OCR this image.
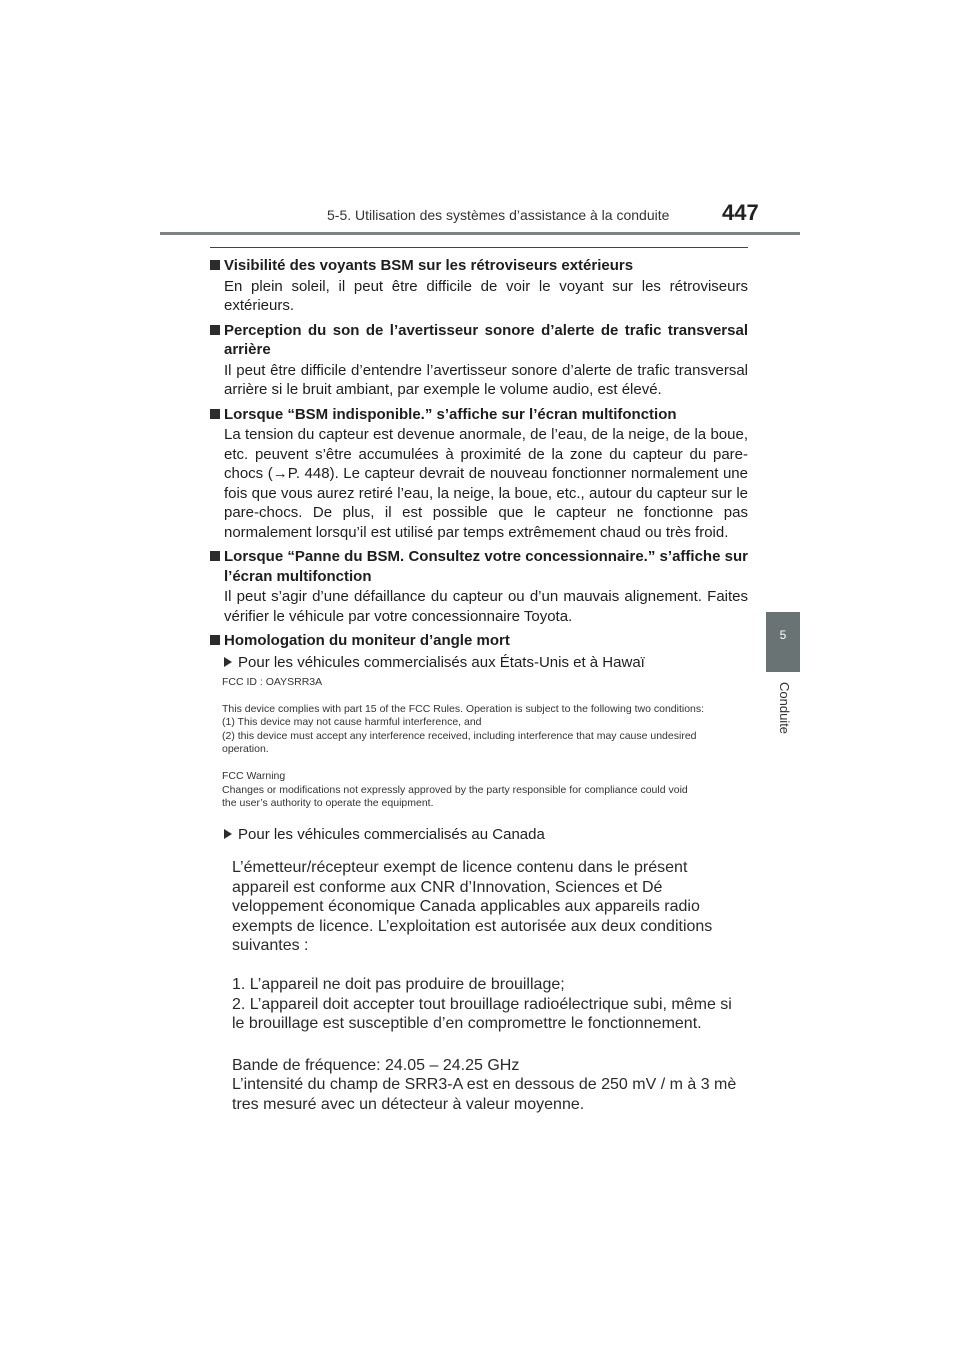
5-5. Utilisation des systèmes d’assistance à la conduite 447
5
Conduite
Visibilité des voyants BSM sur les rétroviseurs extérieurs
En plein soleil, il peut être difficile de voir le voyant sur les rétroviseurs extérieurs.
Perception du son de l’avertisseur sonore d’alerte de trafic transversal arrière
Il peut être difficile d’entendre l’avertisseur sonore d’alerte de trafic transversal arrière si le bruit ambiant, par exemple le volume audio, est élevé.
Lorsque “BSM indisponible.” s’affiche sur l’écran multifonction
La tension du capteur est devenue anormale, de l’eau, de la neige, de la boue, etc. peuvent s’être accumulées à proximité de la zone du capteur du pare-chocs (→P. 448). Le capteur devrait de nouveau fonctionner normalement une fois que vous aurez retiré l’eau, la neige, la boue, etc., autour du capteur sur le pare-chocs. De plus, il est possible que le capteur ne fonctionne pas normalement lorsqu’il est utilisé par temps extrêmement chaud ou très froid.
Lorsque “Panne du BSM. Consultez votre concessionnaire.” s’affiche sur l’écran multifonction
Il peut s’agir d’une défaillance du capteur ou d’un mauvais alignement. Faites vérifier le véhicule par votre concessionnaire Toyota.
Homologation du moniteur d’angle mort
Pour les véhicules commercialisés aux États-Unis et à Hawaï
FCC ID : OAYSRR3A
This device complies with part 15 of the FCC Rules. Operation is subject to the following two conditions:
(1) This device may not cause harmful interference, and
(2) this device must accept any interference received, including interference that may cause undesired
operation.
FCC Warning
Changes or modifications not expressly approved by the party responsible for compliance could void
the user’s authority to operate the equipment.
Pour les véhicules commercialisés au Canada
L’émetteur/récepteur exempt de licence contenu dans le présent
appareil est conforme aux CNR d’Innovation, Sciences et Dé
veloppement économique Canada applicables aux appareils radio
exempts de licence. L’exploitation est autorisée aux deux conditions
suivantes :
1. L’appareil ne doit pas produire de brouillage;
2. L’appareil doit accepter tout brouillage radioélectrique subi, même si
le brouillage est susceptible d’en compromettre le fonctionnement.
Bande de fréquence: 24.05 – 24.25 GHz
L’intensité du champ de SRR3-A est en dessous de 250 mV / m à 3 mè
tres mesuré avec un détecteur à valeur moyenne.
